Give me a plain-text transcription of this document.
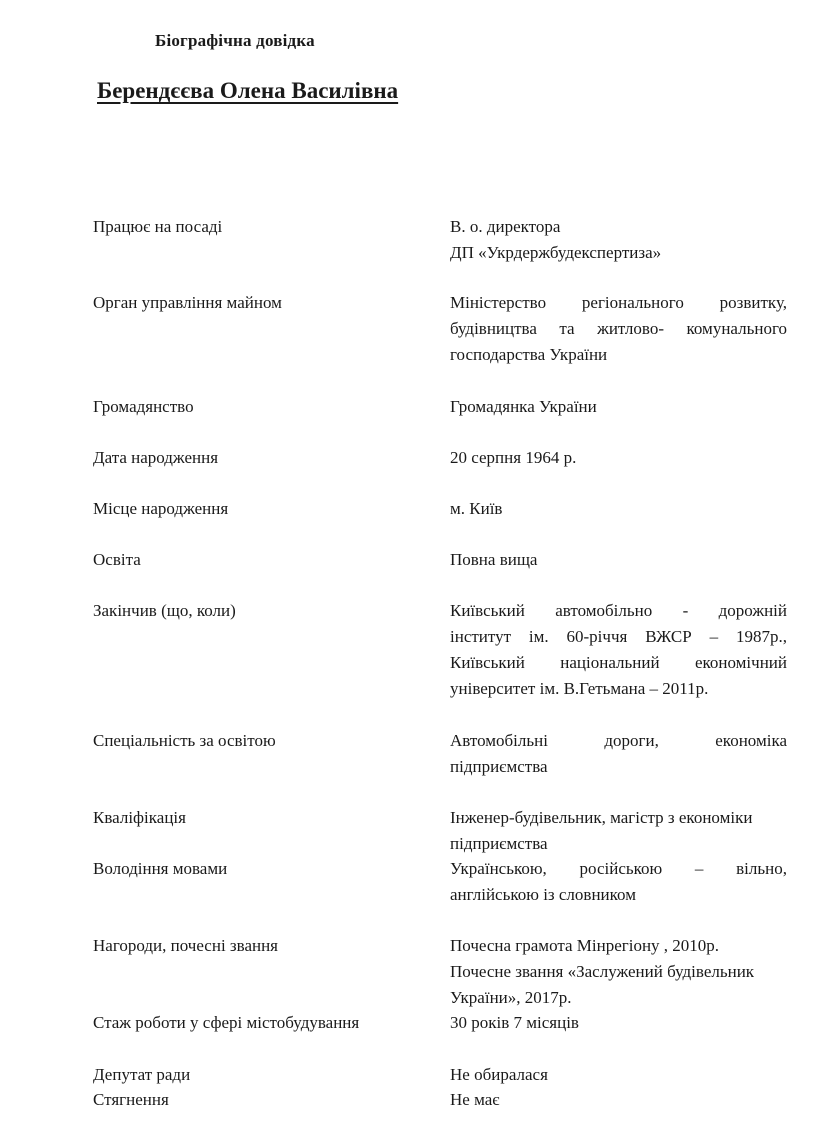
Біографічна довідка
Берендєєва Олена Василівна
Працює на посаді	В. о. директора
ДП «Укрдержбудекспертиза»
Орган управління майном	Міністерство регіонального розвитку,
будівництва та житлово- комунального
господарства України
Громадянство	Громадянка України
Дата народження	20 серпня 1964 р.
Місце народження	м. Київ
Освіта	Повна вища
Закінчив (що, коли)	Київський автомобільно - дорожній
інститут ім. 60-річчя ВЖСР – 1987р.,
Київський національний економічний
університет ім. В.Гетьмана – 2011р.
Спеціальність за освітою	Автомобільні дороги, економіка
підприємства
Кваліфікація	Інженер-будівельник, магістр з економіки
підприємства
Володіння мовами	Українською, російською – вільно,
англійською із словником
Нагороди, почесні звання	Почесна грамота Мінрегіону , 2010р.
Почесне звання «Заслужений будівельник
України», 2017р.
Стаж роботи у сфері містобудування	30 років 7 місяців
Депутат ради	Не обиралася
Стягнення	Не має
